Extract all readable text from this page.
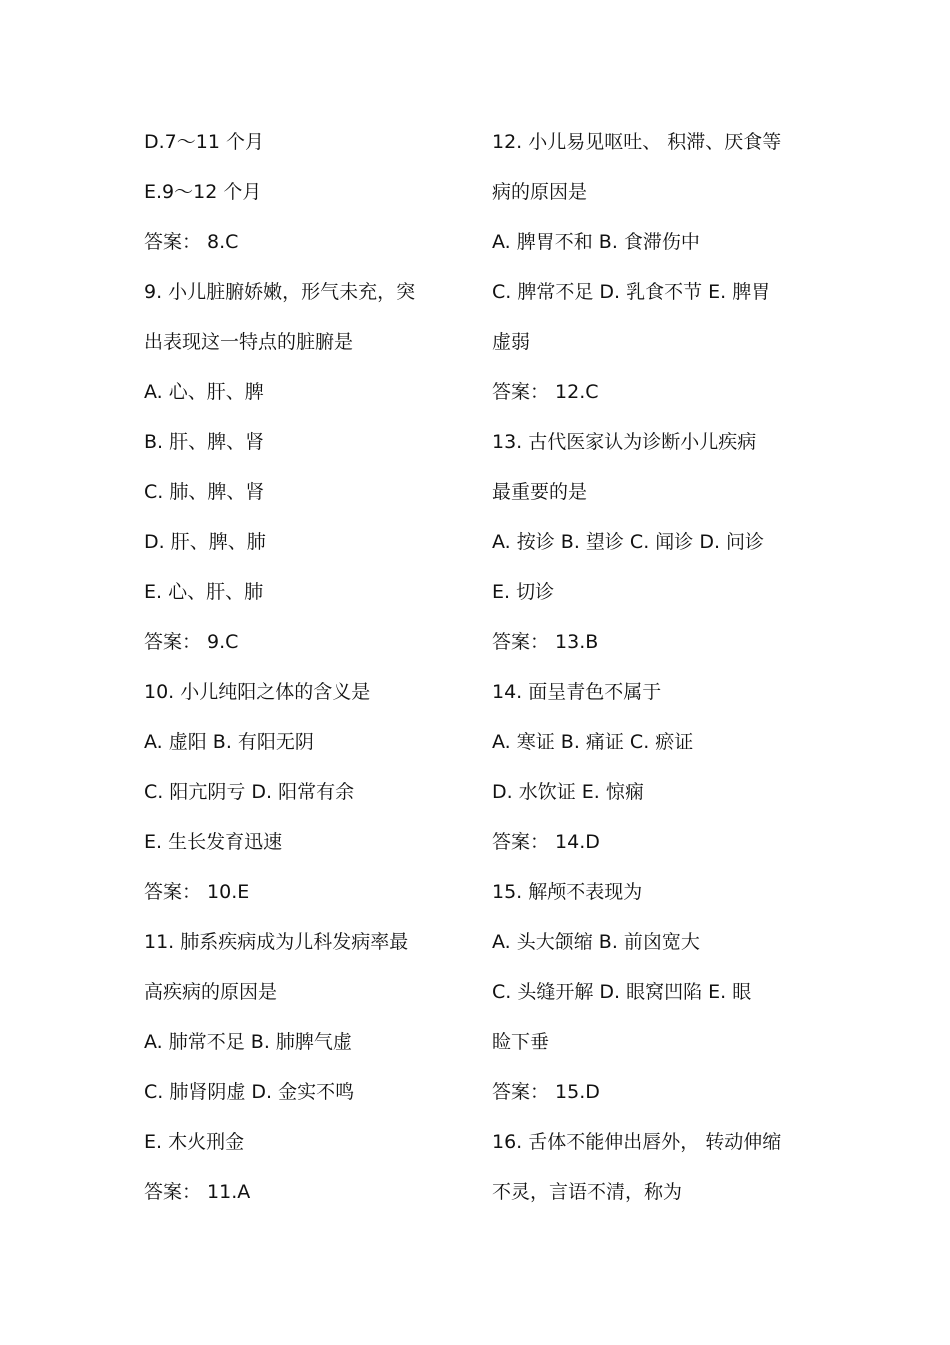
D.7～11 个月
E.9～12 个月
答案： 8.C
9. 小儿脏腑娇嫩，形气未充，突
出表现这一特点的脏腑是
A. 心、肝、脾
B. 肝、脾、肾
C. 肺、脾、肾
D. 肝、脾、肺
E. 心、肝、肺
答案： 9.C
10. 小儿纯阳之体的含义是
A. 虚阳 B. 有阳无阴
C. 阳亢阴亏 D. 阳常有余
E. 生长发育迅速
答案： 10.E
11. 肺系疾病成为儿科发病率最
高疾病的原因是
A. 肺常不足 B. 肺脾气虚
C. 肺肾阴虚 D. 金实不鸣
E. 木火刑金
答案： 11.A
12. 小儿易见呕吐、 积滞、厌食等
病的原因是
A. 脾胃不和 B. 食滞伤中
C. 脾常不足 D. 乳食不节 E. 脾胃
虚弱
答案： 12.C
13. 古代医家认为诊断小儿疾病
最重要的是
A. 按诊 B. 望诊 C. 闻诊 D. 问诊
E. 切诊
答案： 13.B
14. 面呈青色不属于
A. 寒证 B. 痛证 C. 瘀证
D. 水饮证 E. 惊痫
答案： 14.D
15. 解颅不表现为
A. 头大颌缩 B. 前囟宽大
C. 头缝开解 D. 眼窝凹陷 E. 眼
睑下垂
答案： 15.D
16. 舌体不能伸出唇外， 转动伸缩
不灵，言语不清，称为
